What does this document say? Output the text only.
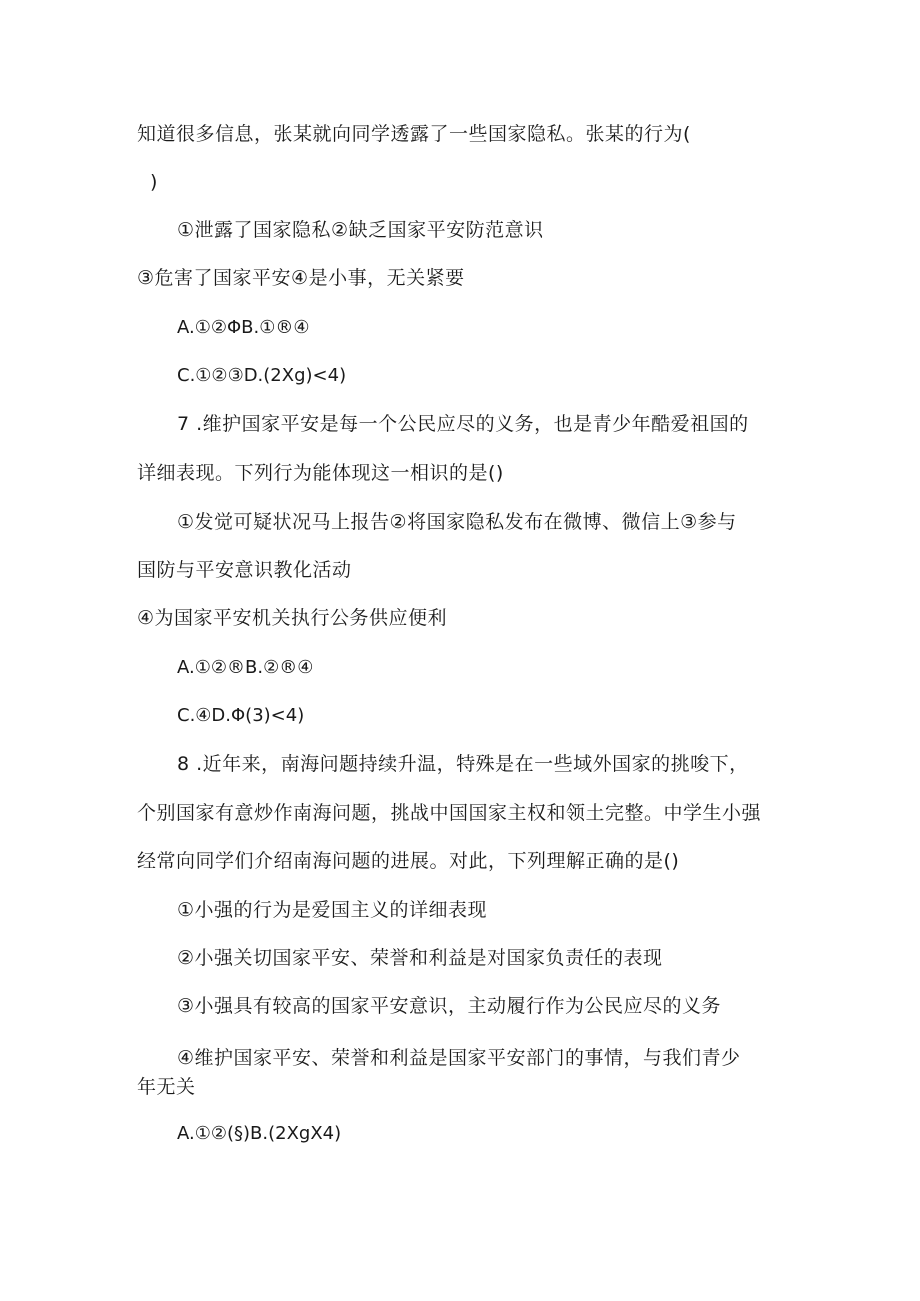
知道很多信息，张某就向同学透露了一些国家隐私。张某的行为(
)
①泄露了国家隐私②缺乏国家平安防范意识
③危害了国家平安④是小事，无关紧要
A.①②ΦB.①®④
C.①②③D.(2Xg)<4)
7 .维护国家平安是每一个公民应尽的义务，也是青少年酷爱祖国的
详细表现。下列行为能体现这一相识的是()
①发觉可疑状况马上报告②将国家隐私发布在微博、微信上③参与
国防与平安意识教化活动
④为国家平安机关执行公务供应便利
A.①②®B.②®④
C.④D.Φ(3)<4)
8 .近年来，南海问题持续升温，特殊是在一些域外国家的挑唆下，
个别国家有意炒作南海问题，挑战中国国家主权和领土完整。中学生小强
经常向同学们介绍南海问题的进展。对此，下列理解正确的是()
①小强的行为是爱国主义的详细表现
②小强关切国家平安、荣誉和利益是对国家负责任的表现
③小强具有较高的国家平安意识，主动履行作为公民应尽的义务
④维护国家平安、荣誉和利益是国家平安部门的事情，与我们青少
年无关
A.①②(§)B.(2XgX4)
